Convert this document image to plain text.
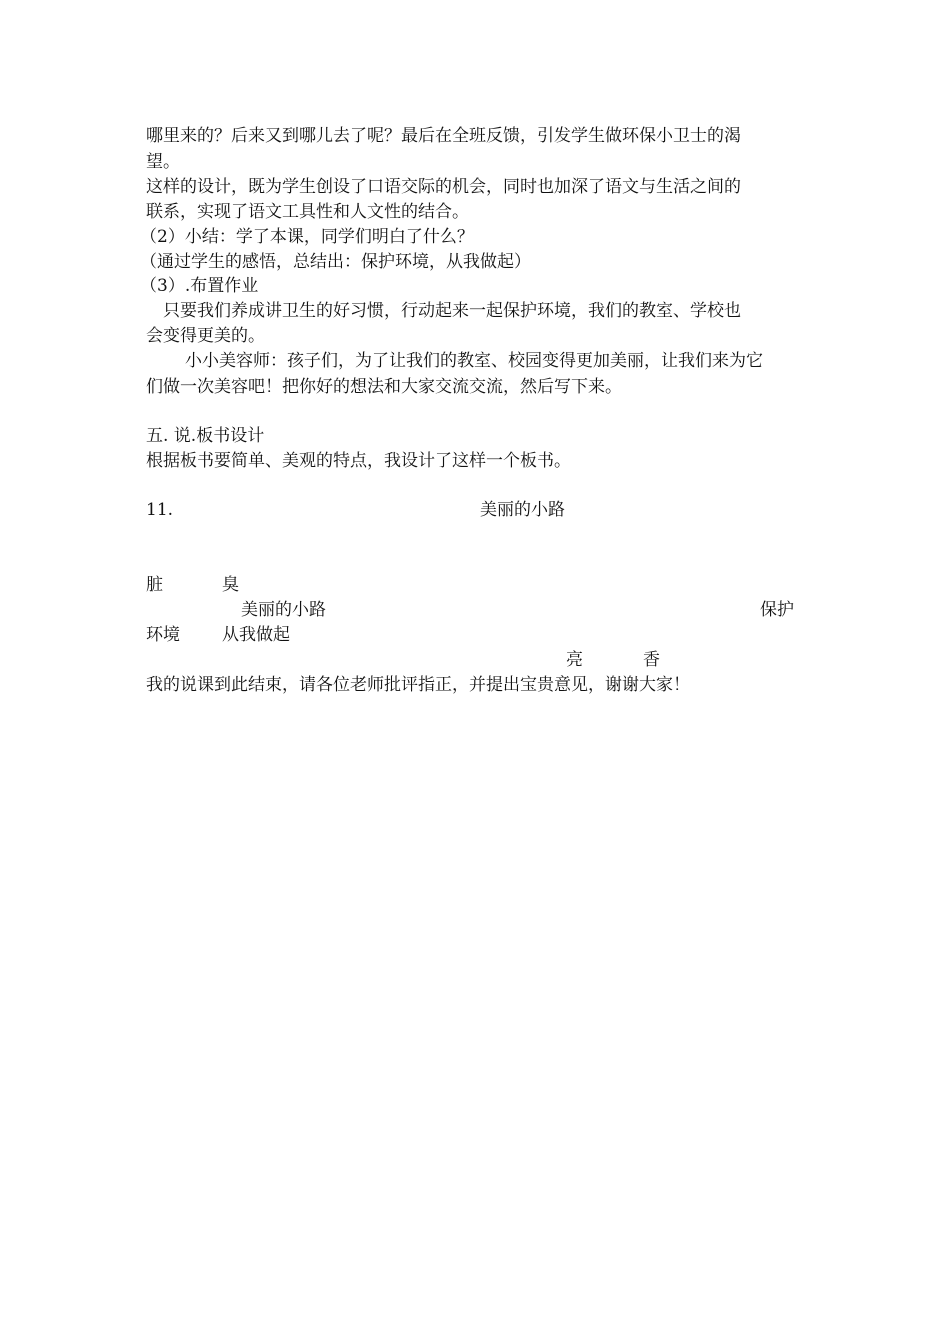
哪里来的？后来又到哪儿去了呢？最后在全班反馈，引发学生做环保小卫士的渴
望。
这样的设计，既为学生创设了口语交际的机会，同时也加深了语文与生活之间的
联系，实现了语文工具性和人文性的结合。
（2）小结：学了本课，同学们明白了什么？
（通过学生的感悟，总结出：保护环境，从我做起）
（3）.布置作业
只要我们养成讲卫生的好习惯，行动起来一起保护环境，我们的教室、学校也
会变得更美的。
小小美容师：孩子们，为了让我们的教室、校园变得更加美丽，让我们来为它
们做一次美容吧！把你好的想法和大家交流交流，然后写下来。
五. 说.板书设计
根据板书要简单、美观的特点，我设计了这样一个板书。
11.	美丽的小路
脏	臭
美丽的小路	保护
环境 从我做起
亮	香
我的说课到此结束，请各位老师批评指正，并提出宝贵意见，谢谢大家！
